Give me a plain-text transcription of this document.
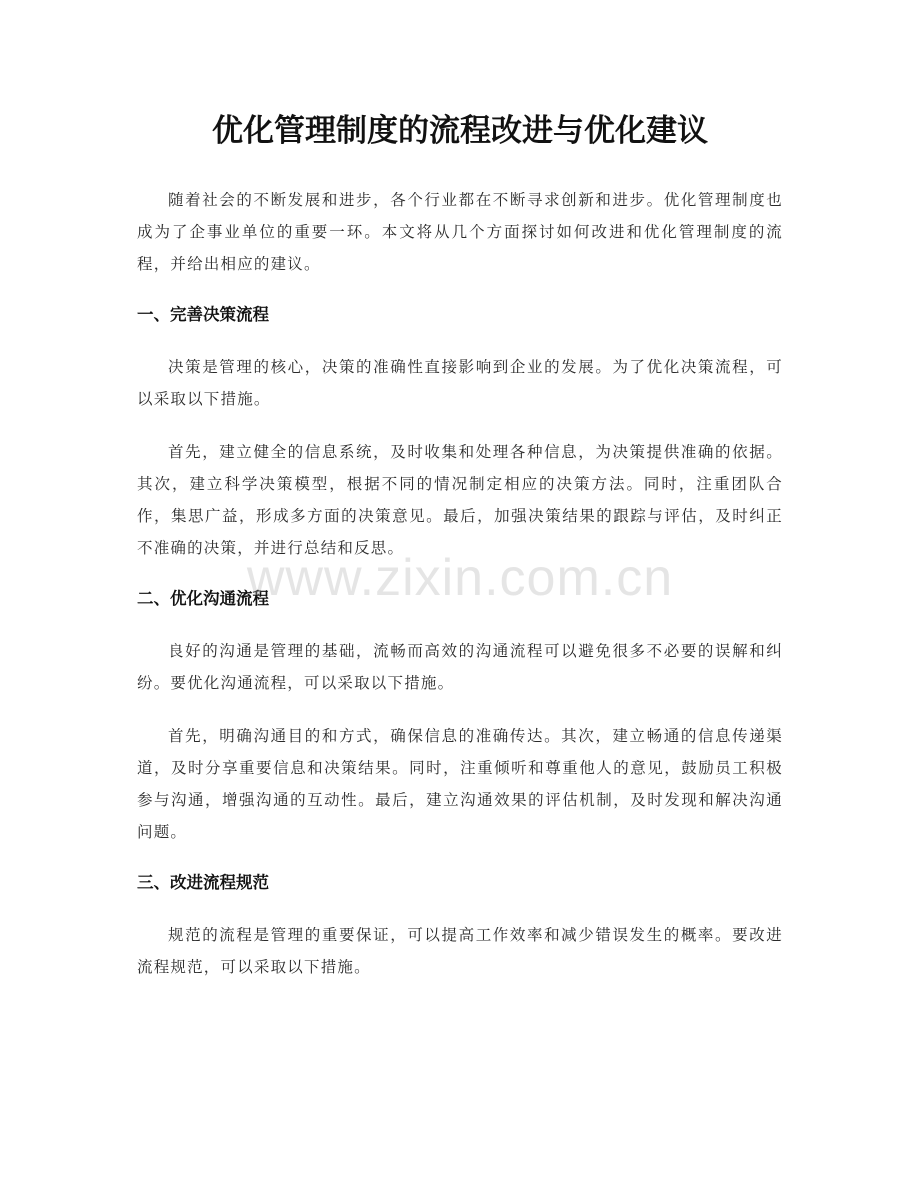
优化管理制度的流程改进与优化建议

随着社会的不断发展和进步，各个行业都在不断寻求创新和进步。优化管理制度也成为了企事业单位的重要一环。本文将从几个方面探讨如何改进和优化管理制度的流程，并给出相应的建议。

一、完善决策流程

决策是管理的核心，决策的准确性直接影响到企业的发展。为了优化决策流程，可以采取以下措施。

首先，建立健全的信息系统，及时收集和处理各种信息，为决策提供准确的依据。其次，建立科学决策模型，根据不同的情况制定相应的决策方法。同时，注重团队合作，集思广益，形成多方面的决策意见。最后，加强决策结果的跟踪与评估，及时纠正不准确的决策，并进行总结和反思。

二、优化沟通流程

良好的沟通是管理的基础，流畅而高效的沟通流程可以避免很多不必要的误解和纠纷。要优化沟通流程，可以采取以下措施。

首先，明确沟通目的和方式，确保信息的准确传达。其次，建立畅通的信息传递渠道，及时分享重要信息和决策结果。同时，注重倾听和尊重他人的意见，鼓励员工积极参与沟通，增强沟通的互动性。最后，建立沟通效果的评估机制，及时发现和解决沟通问题。

三、改进流程规范

规范的流程是管理的重要保证，可以提高工作效率和减少错误发生的概率。要改进流程规范，可以采取以下措施。

www.zixin.com.cn
